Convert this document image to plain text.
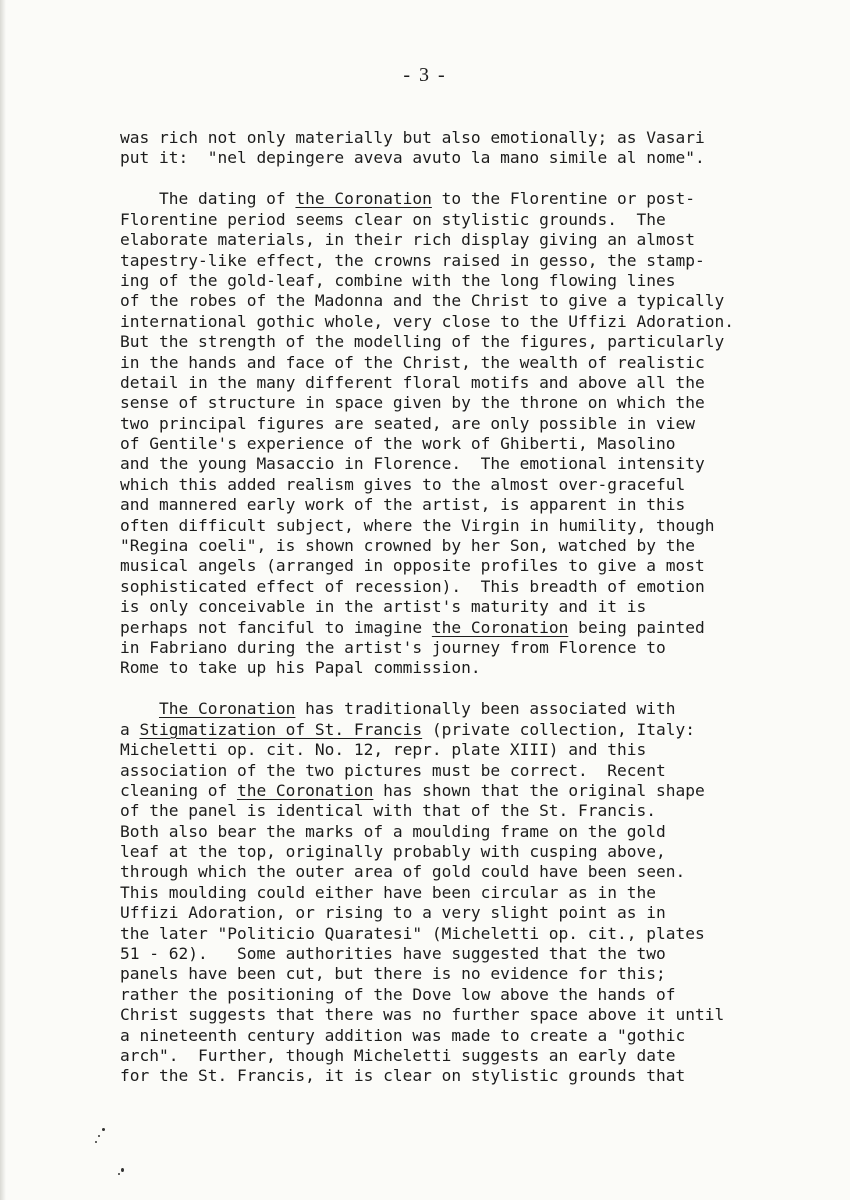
- 3 -
was rich not only materially but also emotionally; as Vasari
put it:  "nel depingere aveva avuto la mano simile al nome".
The dating of the Coronation to the Florentine or post-
Florentine period seems clear on stylistic grounds.  The
elaborate materials, in their rich display giving an almost
tapestry-like effect, the crowns raised in gesso, the stamp-
ing of the gold-leaf, combine with the long flowing lines
of the robes of the Madonna and the Christ to give a typically
international gothic whole, very close to the Uffizi Adoration.
But the strength of the modelling of the figures, particularly
in the hands and face of the Christ, the wealth of realistic
detail in the many different floral motifs and above all the
sense of structure in space given by the throne on which the
two principal figures are seated, are only possible in view
of Gentile's experience of the work of Ghiberti, Masolino
and the young Masaccio in Florence.  The emotional intensity
which this added realism gives to the almost over-graceful
and mannered early work of the artist, is apparent in this
often difficult subject, where the Virgin in humility, though
"Regina coeli", is shown crowned by her Son, watched by the
musical angels (arranged in opposite profiles to give a most
sophisticated effect of recession).  This breadth of emotion
is only conceivable in the artist's maturity and it is
perhaps not fanciful to imagine the Coronation being painted
in Fabriano during the artist's journey from Florence to
Rome to take up his Papal commission.
The Coronation has traditionally been associated with
a Stigmatization of St. Francis (private collection, Italy:
Micheletti op. cit. No. 12, repr. plate XIII) and this
association of the two pictures must be correct.  Recent
cleaning of the Coronation has shown that the original shape
of the panel is identical with that of the St. Francis.
Both also bear the marks of a moulding frame on the gold
leaf at the top, originally probably with cusping above,
through which the outer area of gold could have been seen.
This moulding could either have been circular as in the
Uffizi Adoration, or rising to a very slight point as in
the later "Politicio Quaratesi" (Micheletti op. cit., plates
51 - 62).   Some authorities have suggested that the two
panels have been cut, but there is no evidence for this;
rather the positioning of the Dove low above the hands of
Christ suggests that there was no further space above it until
a nineteenth century addition was made to create a "gothic
arch".  Further, though Micheletti suggests an early date
for the St. Francis, it is clear on stylistic grounds that
